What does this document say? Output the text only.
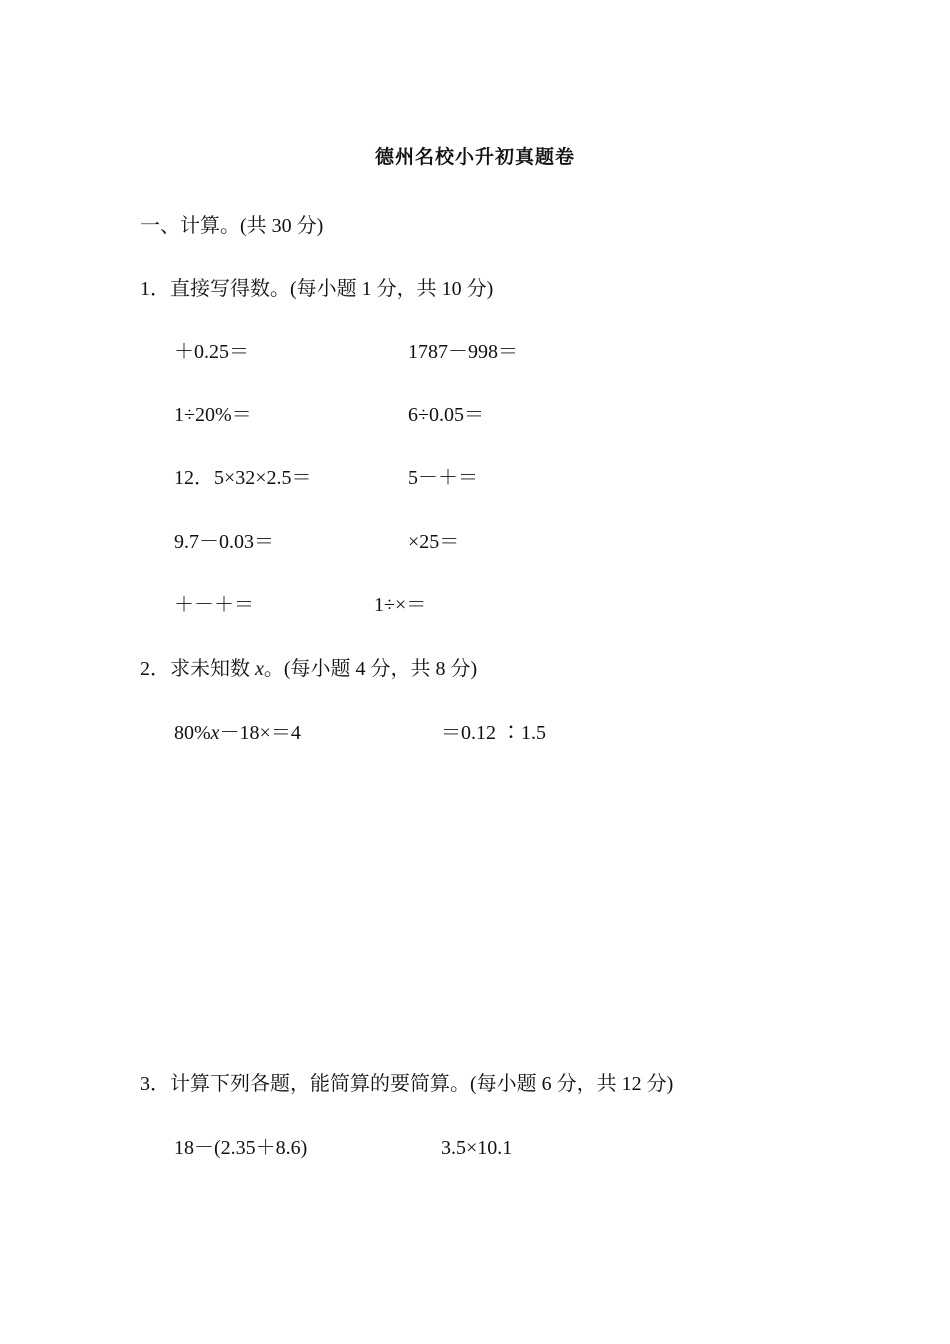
德州名校小升初真题卷
一、计算。(共 30 分)
1．直接写得数。(每小题 1 分，共 10 分)
＋0.25＝	1787－998＝
1÷20%＝	6÷0.05＝
12．5×32×2.5＝	5－＋＝
9.7－0.03＝	×25＝
＋－＋＝	1÷×＝
2．求未知数 x。(每小题 4 分，共 8 分)
80%x－18×＝4	＝0.12 ∶1.5
3．计算下列各题，能简算的要简算。(每小题 6 分，共 12 分)
18－(2.35＋8.6)	3.5×10.1
